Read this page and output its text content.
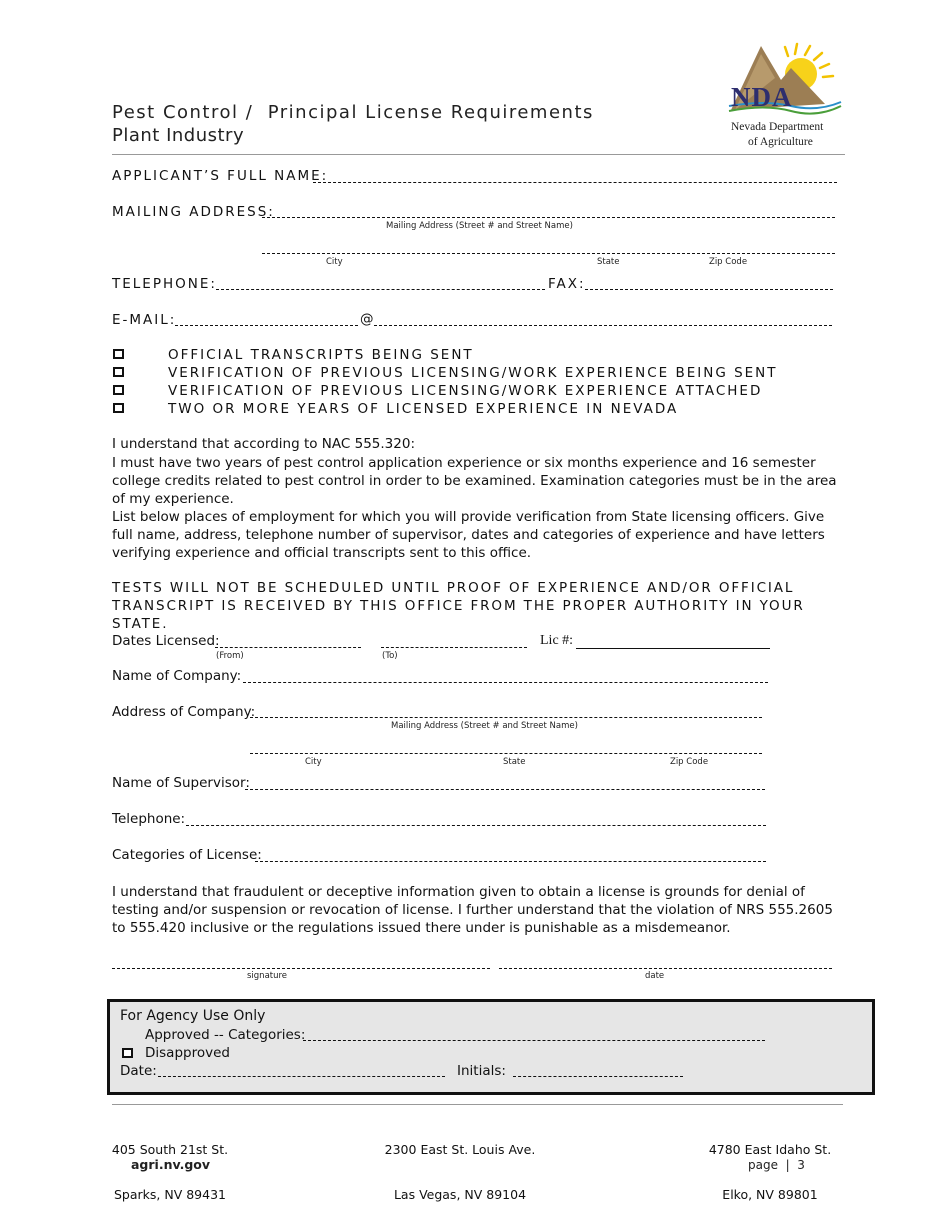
Pest Control /  Principal License Requirements
Plant Industry
NDA
Nevada Department
of Agriculture
APPLICANT’S FULL NAME:
MAILING ADDRESS:
Mailing Address (Street # and Street Name)
City	State	Zip Code
TELEPHONE:	FAX:
E-MAIL:	@
OFFICIAL TRANSCRIPTS BEING SENT
VERIFICATION OF PREVIOUS LICENSING/WORK EXPERIENCE BEING SENT
VERIFICATION OF PREVIOUS LICENSING/WORK EXPERIENCE ATTACHED
TWO OR MORE YEARS OF LICENSED EXPERIENCE IN NEVADA
I understand that according to NAC 555.320:
I must have two years of pest control application experience or six months experience and 16 semester college credits related to pest control in order to be examined. Examination categories must be in the area of my experience.
List below places of employment for which you will provide verification from State licensing officers. Give full name, address, telephone number of supervisor, dates and categories of experience and have letters verifying experience and official transcripts sent to this office.
TESTS WILL NOT BE SCHEDULED UNTIL PROOF OF EXPERIENCE AND/OR OFFICIAL TRANSCRIPT IS RECEIVED BY THIS OFFICE FROM THE PROPER AUTHORITY IN YOUR STATE.
Dates Licensed:
(From)	(To)
Lic #:
Name of Company:
Address of Company:
Mailing Address (Street # and Street Name)
City	State	Zip Code
Name of Supervisor:
Telephone:
Categories of License:
I understand that fraudulent or deceptive information given to obtain a license is grounds for denial of testing and/or suspension or revocation of license. I further understand that the violation of NRS 555.2605 to 555.420 inclusive or the regulations issued there under is punishable as a misdemeanor.
signature	date
For Agency Use Only
Approved -- Categories:
Disapproved
Date:	Initials:

405 South 21st St.

Sparks, NV 89431

2300 East St. Louis Ave.

Las Vegas, NV 89104

4780 East Idaho St.

Elko, NV 89801

agri.nv.gov	page  |  3
